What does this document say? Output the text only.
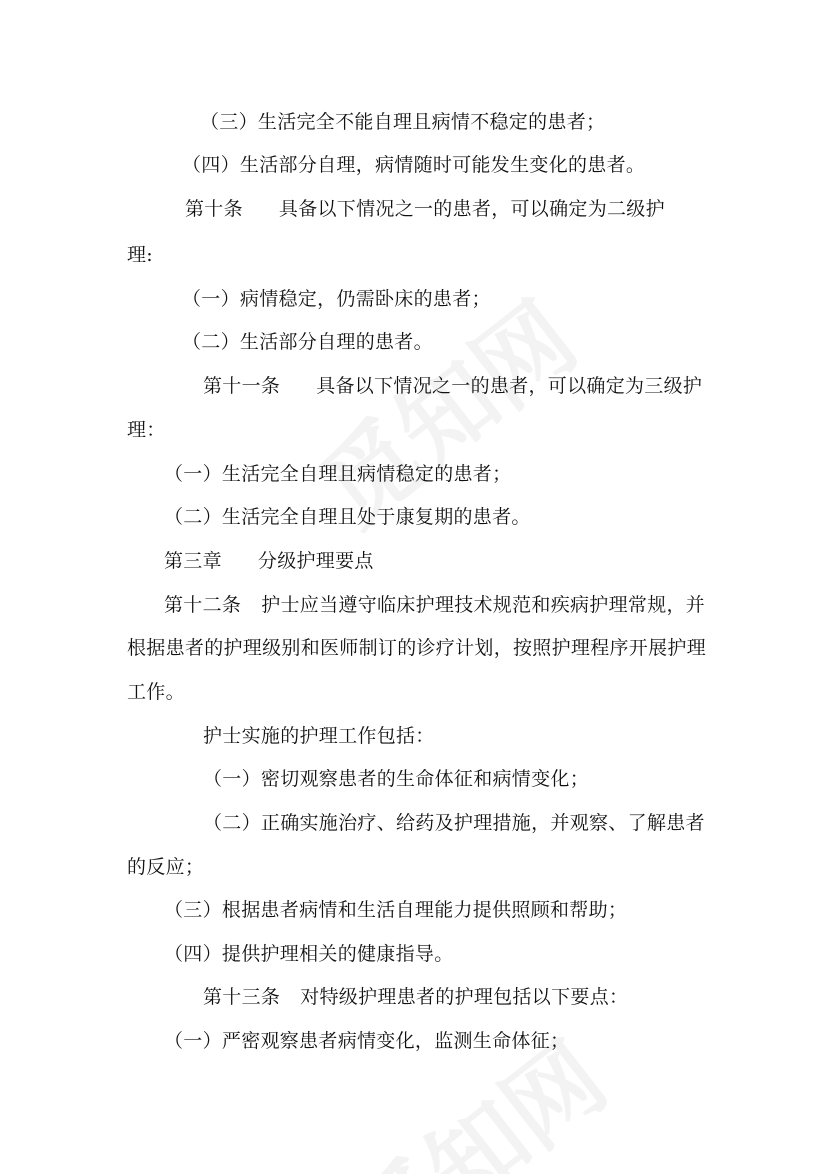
（三）生活完全不能自理且病情不稳定的患者；
（四）生活部分自理，病情随时可能发生变化的患者。
第十条 具备以下情况之一的患者，可以确定为二级护
理:
（一）病情稳定，仍需卧床的患者；
（二）生活部分自理的患者。
第十一条 具备以下情况之一的患者，可以确定为三级护
理：
（一）生活完全自理且病情稳定的患者；
（二）生活完全自理且处于康复期的患者。
第三章 分级护理要点
第十二条 护士应当遵守临床护理技术规范和疾病护理常规，并
根据患者的护理级别和医师制订的诊疗计划，按照护理程序开展护理
工作。
护士实施的护理工作包括：
（一）密切观察患者的生命体征和病情变化；
（二）正确实施治疗、给药及护理措施，并观察、了解患者
的反应；
（三）根据患者病情和生活自理能力提供照顾和帮助；
（四）提供护理相关的健康指导。
第十三条 对特级护理患者的护理包括以下要点：
（一）严密观察患者病情变化，监测生命体征；
